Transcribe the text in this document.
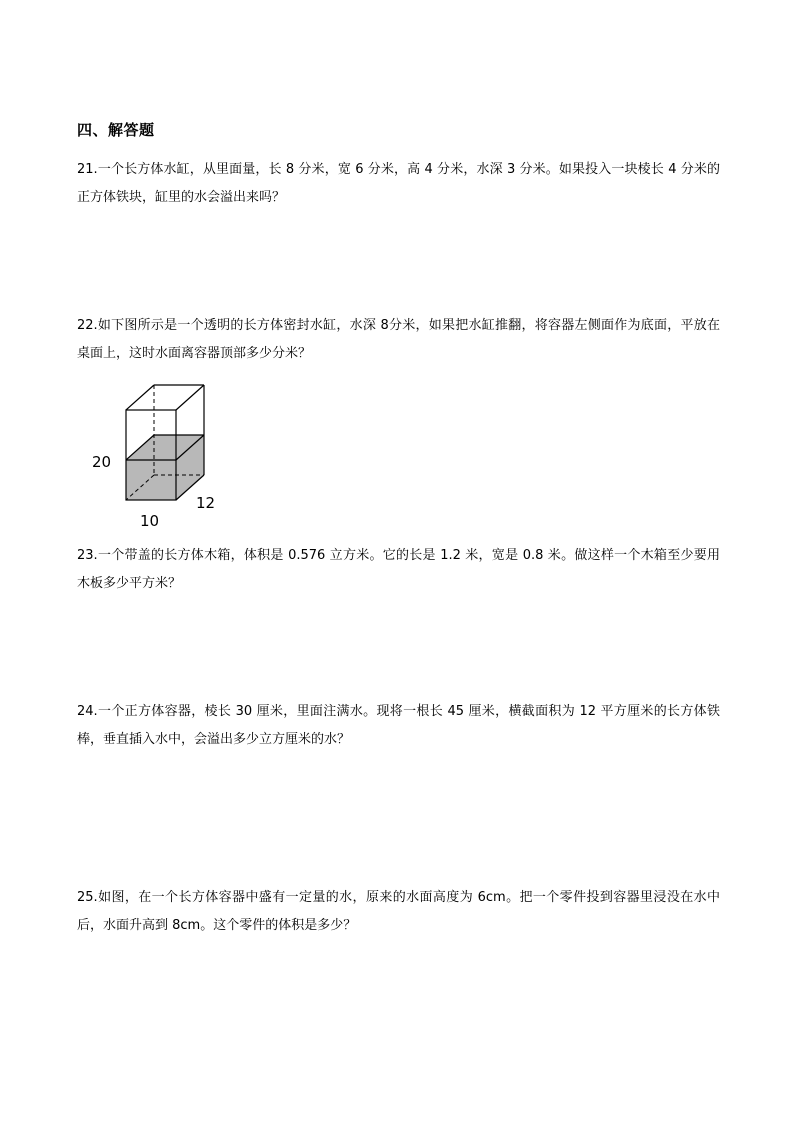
四、解答题
21.一个长方体水缸，从里面量，长 8 分米，宽 6 分米，高 4 分米，水深 3 分米。如果投入一块棱长 4 分米的正方体铁块，缸里的水会溢出来吗？
22.如下图所示是一个透明的长方体密封水缸，水深 8分米，如果把水缸推翻，将容器左侧面作为底面，平放在桌面上，这时水面离容器顶部多少分米？
20
10
12
23.一个带盖的长方体木箱，体积是 0.576 立方米。它的长是 1.2 米，宽是 0.8 米。做这样一个木箱至少要用木板多少平方米？
24.一个正方体容器，棱长 30 厘米，里面注满水。现将一根长 45 厘米，横截面积为 12 平方厘米的长方体铁棒，垂直插入水中，会溢出多少立方厘米的水？
25.如图，在一个长方体容器中盛有一定量的水，原来的水面高度为 6cm。把一个零件投到容器里浸没在水中后，水面升高到 8cm。这个零件的体积是多少？
